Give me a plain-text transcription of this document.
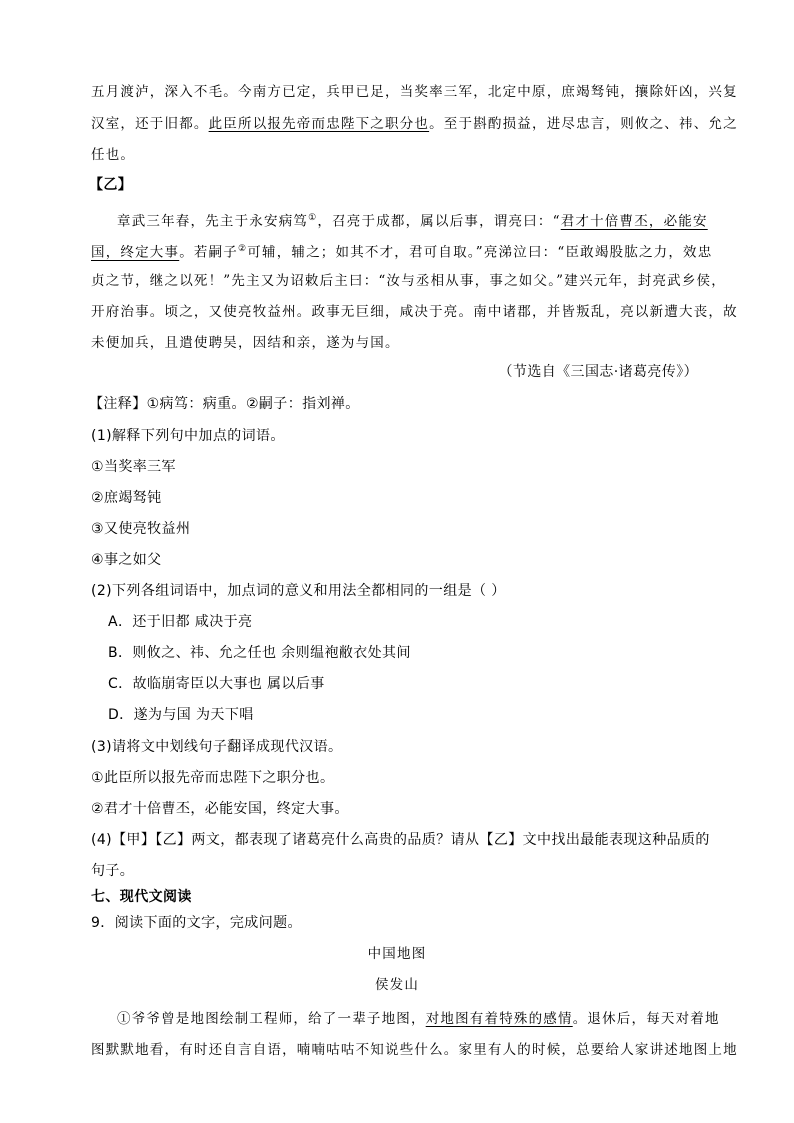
五月渡泸，深入不毛。今南方已定，兵甲已足，当奖率三军，北定中原，庶竭驽钝，攘除奸凶，兴复
汉室，还于旧都。此臣所以报先帝而忠陛下之职分也。至于斟酌损益，进尽忠言，则攸之、祎、允之
任也。
【乙】
章武三年春，先主于永安病笃①，召亮于成都，属以后事，谓亮曰：“君才十倍曹丕，必能安
国，终定大事。若嗣子②可辅，辅之；如其不才，君可自取。”亮涕泣曰：“臣敢竭股肱之力，效忠
贞之节，继之以死！”先主又为诏敕后主曰：“汝与丞相从事，事之如父。”建兴元年，封亮武乡侯，
开府治事。顷之，又使亮牧益州。政事无巨细，咸决于亮。南中诸郡，并皆叛乱，亮以新遭大丧，故
未便加兵，且遣使聘吴，因结和亲，遂为与国。
（节选自《三国志·诸葛亮传》）
【注释】①病笃：病重。②嗣子：指刘禅。
(1)解释下列句中加点的词语。
①当奖率三军
②庶竭驽钝
③又使亮牧益州
④事之如父
(2)下列各组词语中，加点词的意义和用法全都相同的一组是（ ）
A．还于旧都 咸决于亮
B．则攸之、祎、允之任也 余则缊袍敝衣处其间
C．故临崩寄臣以大事也 属以后事
D．遂为与国 为天下唱
(3)请将文中划线句子翻译成现代汉语。
①此臣所以报先帝而忠陛下之职分也。
②君才十倍曹丕，必能安国，终定大事。
(4)【甲】【乙】两文，都表现了诸葛亮什么高贵的品质？请从【乙】文中找出最能表现这种品质的
句子。
七、现代文阅读
9．阅读下面的文字，完成问题。
中国地图
侯发山
①爷爷曾是地图绘制工程师，给了一辈子地图，对地图有着特殊的感情。退休后，每天对着地
图默默地看，有时还自言自语，喃喃咕咕不知说些什么。家里有人的时候，总要给人家讲述地图上地
